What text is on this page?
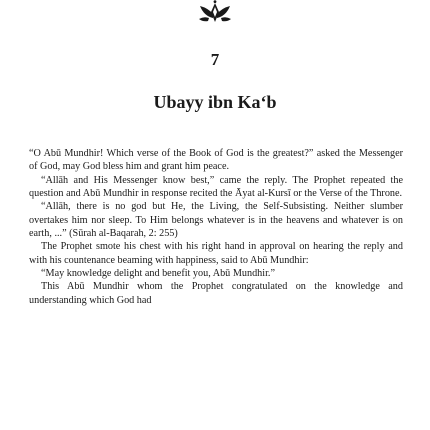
7
Ubayy ibn Ka‘b

“O Abū Mundhir! Which verse of the Book of God is the greatest?” asked the Messenger of God, may God bless him and grant him peace.

“Allāh and His Messenger know best,” came the reply. The Prophet repeated the question and Abū Mundhir in response recited the Āyat al-Kursī or the Verse of the Throne.

“Allāh, there is no god but He, the Living, the Self-Subsisting. Neither slumber overtakes him nor sleep. To Him belongs whatever is in the heavens and whatever is on earth, ...” (Sūrah al-Baqarah, 2: 255)

The Prophet smote his chest with his right hand in approval on hearing the reply and with his countenance beaming with happiness, said to Abū Mundhir:

“May knowledge delight and benefit you, Abū Mundhir.”

This Abū Mundhir whom the Prophet congratulated on the knowledge and understanding which God had
